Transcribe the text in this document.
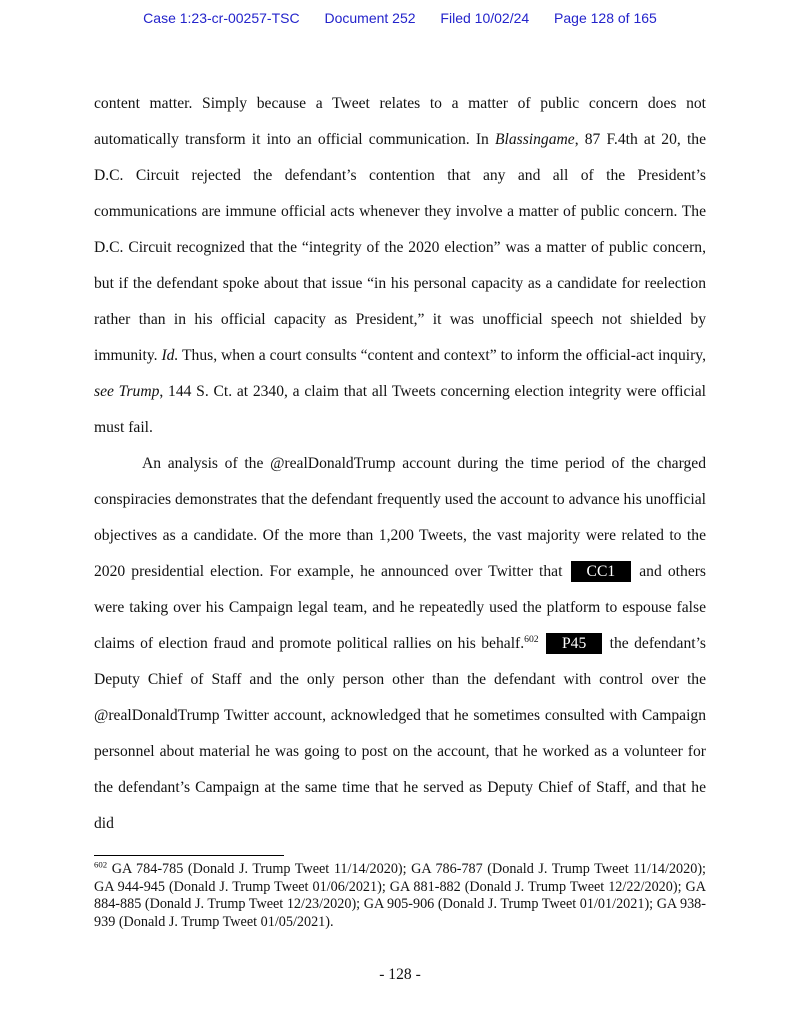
Case 1:23-cr-00257-TSC Document 252 Filed 10/02/24 Page 128 of 165
content matter. Simply because a Tweet relates to a matter of public concern does not automatically transform it into an official communication. In Blassingame, 87 F.4th at 20, the D.C. Circuit rejected the defendant’s contention that any and all of the President’s communications are immune official acts whenever they involve a matter of public concern. The D.C. Circuit recognized that the “integrity of the 2020 election” was a matter of public concern, but if the defendant spoke about that issue “in his personal capacity as a candidate for reelection rather than in his official capacity as President,” it was unofficial speech not shielded by immunity. Id. Thus, when a court consults “content and context” to inform the official-act inquiry, see Trump, 144 S. Ct. at 2340, a claim that all Tweets concerning election integrity were official must fail.
An analysis of the @realDonaldTrump account during the time period of the charged conspiracies demonstrates that the defendant frequently used the account to advance his unofficial objectives as a candidate. Of the more than 1,200 Tweets, the vast majority were related to the 2020 presidential election. For example, he announced over Twitter that CC1 and others were taking over his Campaign legal team, and he repeatedly used the platform to espouse false claims of election fraud and promote political rallies on his behalf.$^{602}$ P45 the defendant’s Deputy Chief of Staff and the only person other than the defendant with control over the @realDonaldTrump Twitter account, acknowledged that he sometimes consulted with Campaign personnel about material he was going to post on the account, that he worked as a volunteer for the defendant’s Campaign at the same time that he served as Deputy Chief of Staff, and that he did
$^{602}$ GA 784-785 (Donald J. Trump Tweet 11/14/2020); GA 786-787 (Donald J. Trump Tweet 11/14/2020); GA 944-945 (Donald J. Trump Tweet 01/06/2021); GA 881-882 (Donald J. Trump Tweet 12/22/2020); GA 884-885 (Donald J. Trump Tweet 12/23/2020); GA 905-906 (Donald J. Trump Tweet 01/01/2021); GA 938-939 (Donald J. Trump Tweet 01/05/2021).
- 128 -
